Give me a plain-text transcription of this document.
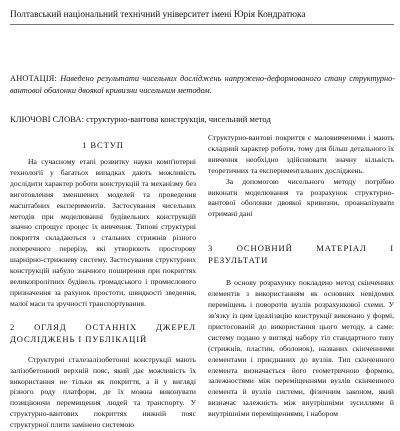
Полтавський національний технічний університет імені Юрія Кондратюка
АНОТАЦІЯ: Наведено результати чисельних досліджень напружено-деформованого стану структурно-вантової оболонки двоякої кривизни чисельним методом.
КЛЮЧОВІ СЛОВА: структурно-вантова конструкція, чисельний метод
1 ВСТУП

На сучасному етапі розвитку науки комп'ютерні технології у багатьох випадках дають можливість дослідити характер роботи конструкцій та механізму без виготовлення зменшених моделей та проведення масштабних експериментів. Застосування чисельних методів при моделюванні будівельних конструкцій значно спрощує процес їх вивчення. Типові структурні покриття складаються з стальних стрижнів різного поперечного перерізу, які утворюють просторову шарнірно-стрижневу систему. Застосування структурних конструкцій набуло значного поширення при покриттях великопролітних будівель громадського і промислового призначення за рахунок простоти, швидкості зведення, малої маси та зручності транспортування.

2 ОГЛЯД ОСТАННІХ ДЖЕРЕЛ ДОСЛІДЖЕНЬ І ПУБЛІКАЦІЙ

Структурні сталезалізобетонні конструкції мають залізобетонний верхній пояс, який дає можливість їх використання не тільки як покриття, а й у вигляді різного роду платформ, де їх можна виконувати позиціюючи перемищення людей та транспорту. У структурно-вантових покриттях нижній пояс структурної плити замінено системою

Структурно-вантові покриття є маловивченими і мають складний характер роботи, тому для більш детального їх вивчення необхідно здійснювати значну кількість теоретичних та експериментальних досліджень.

За допомогою чисельного методу потрібно виконати моделювання та розрахунок структурно-вантової оболонки двоякої кривизни, проаналізувати отримані дані

3 ОСНОВНИЙ МАТЕРІАЛ І РЕЗУЛЬТАТИ

В основу розрахунку покладено метод скінченних елементів з використанням як основних невідомих переміщень і поворотів вузлів розрахункової схеми. У зв'язку із цим ідеалізацію конструкції виконано у формі, пристосованій до використання цього методу, а саме: систему подано у вигляді набору тіл стандартного типу (стрижнів, пластин, оболонок), названих скінченними елементами і приєднаних до вузлів. Тип скінченного елемента визначається його геометричною формою, залежностями між переміщеннями вузлів скінченного елемента й вузлів системи, фізичним законом, який визначає залежність між внутрішніми зусиллями й внутрішніми переміщеннями, і набором
